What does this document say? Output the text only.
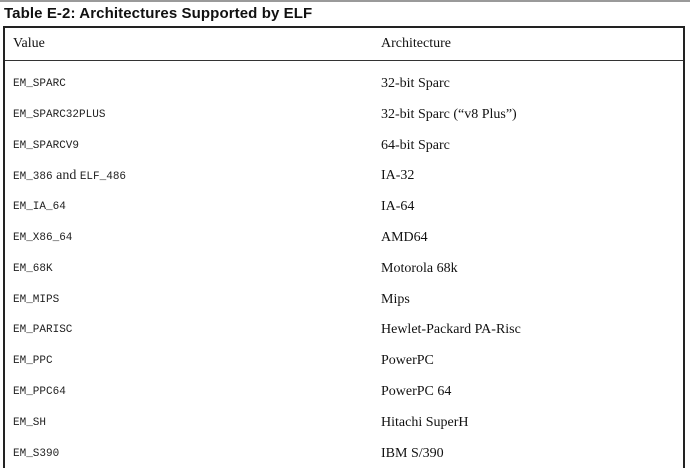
Table E-2: Architectures Supported by ELF
Value	Architecture
EM_SPARC	32-bit Sparc
EM_SPARC32PLUS	32-bit Sparc (“v8 Plus”)
EM_SPARCV9	64-bit Sparc
EM_386 and ELF_486	IA-32
EM_IA_64	IA-64
EM_X86_64	AMD64
EM_68K	Motorola 68k
EM_MIPS	Mips
EM_PARISC	Hewlet-Packard PA-Risc
EM_PPC	PowerPC
EM_PPC64	PowerPC 64
EM_SH	Hitachi SuperH
EM_S390	IBM S/390
